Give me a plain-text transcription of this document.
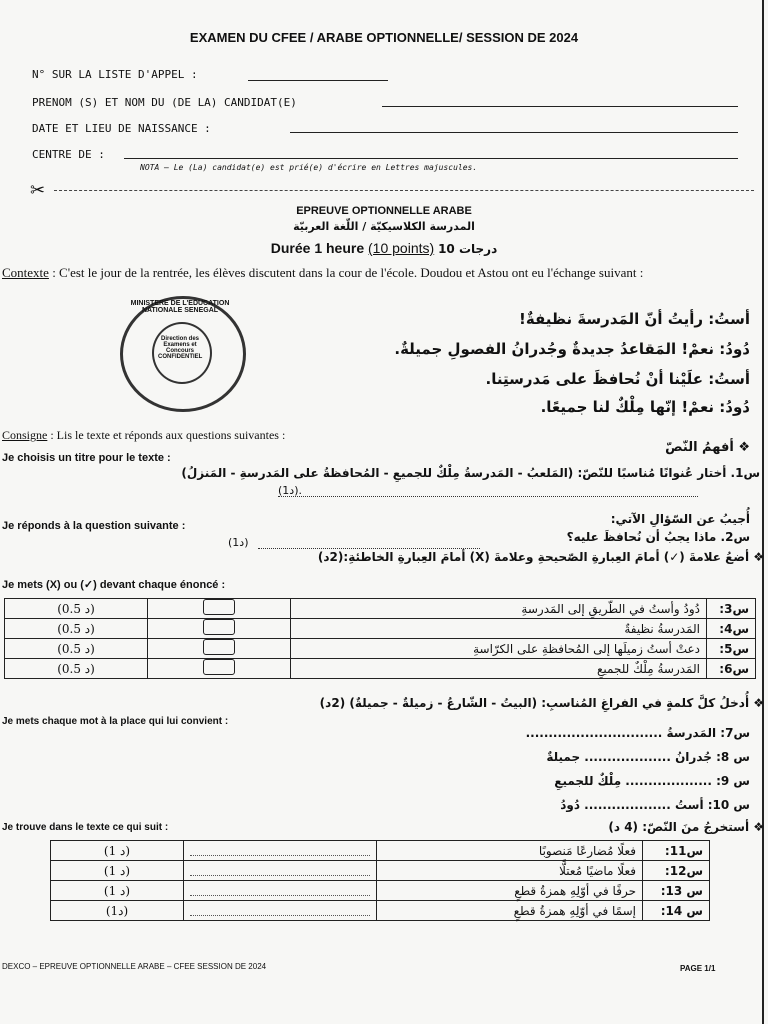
EXAMEN DU CFEE / ARABE OPTIONNELLE/ SESSION DE 2024
N° SUR LA LISTE D'APPEL :
PRENOM (S) ET NOM DU (DE LA) CANDIDAT(E)
DATE ET LIEU DE NAISSANCE :
CENTRE DE :
NOTA – Le (La) candidat(e) est prié(e) d'écrire en Lettres majuscules.
✂
EPREUVE OPTIONNELLE ARABE
المدرسة الكلاسيكيّة / اللّغة العربيّة
Durée 1 heure (10 points) 10 درجات
Contexte : C'est le jour de la rentrée, les élèves discutent dans la cour de l'école. Doudou et Astou ont eu l'échange suivant :
MINISTERE DE L'EDUCATION NATIONALE SENEGAL
Direction des Examens et Concours CONFIDENTIEL
أستُ: رأيتُ أنّ المَدرسةَ نظيفةٌ!
دُودُ: نعمْ! المَقاعدُ جديدةٌ وجُدرانُ الفصولِ جميلةٌ.
أستُ: علَيْنا أنْ نُحافظَ على مَدرستِنا.
دُودُ: نعمْ! إنّها مِلْكٌ لنا جميعًا.
Consigne : Lis le texte et réponds aux questions suivantes :
❖ أفهمُ النّصّ
Je choisis un titre pour le texte :
س1. أختار عُنوانًا مُناسبًا للنّصّ: (المَلعبُ - المَدرسةُ مِلْكٌ للجميعِ - المُحافظةُ على المَدرسةِ - المَنزلُ)
(1د).
Je réponds à la question suivante :	أُجيبُ عن السّؤالِ الآتي:
س2. ماذا يجبُ أن نُحافظَ عليه؟
(1د)
❖ أضعُ علامةَ (✓) أمامَ العِبارةِ الصّحيحةِ وعلامةَ (X) أمامَ العِبارةِ الخاطئةِ:(2د)
Je mets (X) ou (✓) devant chaque énoncé :
(0.5 د)		دُودُ وأستُ في الطّريقِ إلى المَدرسةِ	س3:
(0.5 د)		المَدرسةُ نظيفةٌ	س4:
(0.5 د)		دعتْ أستُ زميلَها إلى المُحافظةِ على الكرّاسةِ	س5:
(0.5 د)		المَدرسةُ مِلْكٌ للجميعِ	س6:
❖ أُدخلُ كلَّ كلمةٍ في الفراغِ المُناسبِ: (البيتُ - الشّارعُ - زميلةٌ - جميلةٌ) (2د)
Je mets chaque mot à la place qui lui convient :
س7: المَدرسةُ ..............................
س 8: جُدرانُ ................... جميلةٌ
س 9: ................... مِلْكٌ للجميعِ
س 10: أستُ ................... دُودُ
❖ أستخرجُ منَ النّصّ: (4 د)
Je trouve dans le texte ce qui suit :
(1 د)		فعلًا مُضارعًا مَنصوبًا	س11:
(1 د)		فعلًا ماضيًا مُعتلًّا	س12:
(1 د)		حرفًا في أوّلِهِ همزةُ قطعٍ	س 13:
(1د)		إسمًا في أوّلِهِ همزةُ قطعٍ	س 14:
DEXCO – EPREUVE OPTIONNELLE ARABE – CFEE SESSION DE 2024	PAGE 1/1
